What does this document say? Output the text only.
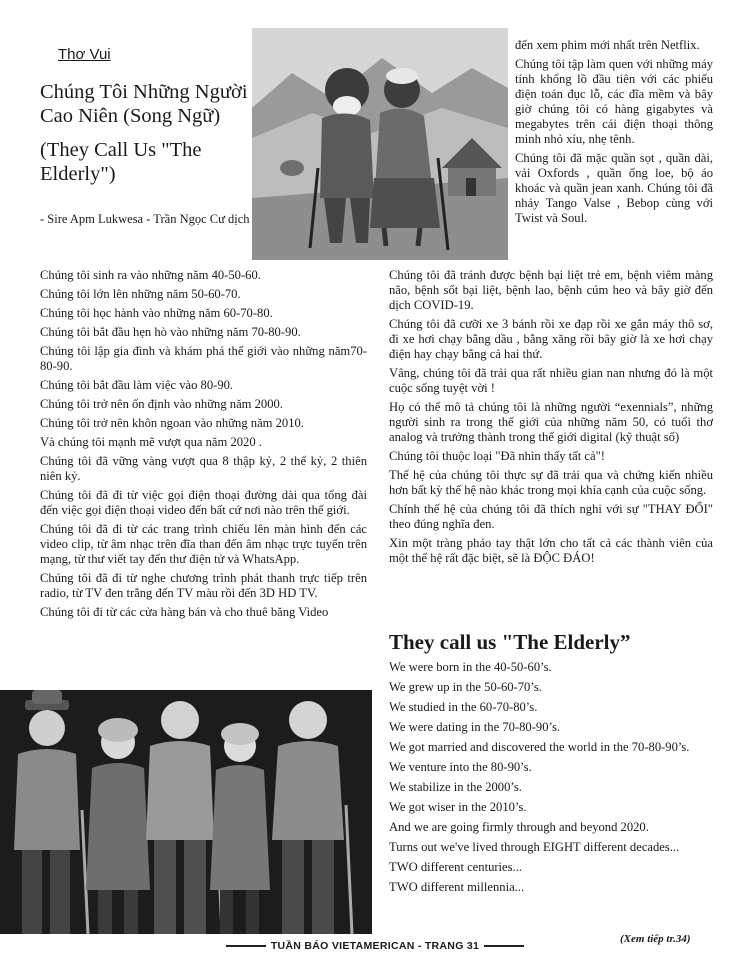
Thơ Vui

Chúng Tôi Những Người Cao Niên (Song Ngữ)

(They Call Us "The Elderly")

- Sire Apm Lukwesa - Trần Ngọc Cư dịch

đến xem phim mới nhất trên Netflix.

Chúng tôi tập làm quen với những máy tính khổng lồ đầu tiên với các phiếu điện toán đục lỗ, các đĩa mềm và bây giờ chúng tôi có hàng gigabytes và megabytes trên cái điện thoại thông minh nhỏ xíu, nhẹ tênh.

Chúng tôi đã mặc quần sọt , quần dài, vải Oxfords , quần ống loe, bộ áo khoác và quần jean xanh. Chúng tôi đã nhảy Tango Valse , Bebop cùng với Twist và Soul.

Chúng tôi sinh ra vào những năm 40-50-60.

Chúng tôi lớn lên những năm 50-60-70.

Chúng tôi học hành vào những năm 60-70-80.

Chúng tôi bắt đầu hẹn hò vào những năm 70-80-90.

Chúng tôi lập gia đình và khám phá thế giới vào những năm70-80-90.

Chúng tôi bắt đầu làm việc vào 80-90.

Chúng tôi trở nên ổn định vào những năm 2000.

Chúng tôi trở nên khôn ngoan vào những năm 2010.

Và chúng tôi mạnh mẽ vượt qua năm 2020 .

Chúng tôi đã vững vàng vượt qua 8 thập kỷ, 2 thế kỷ, 2 thiên niên kỷ.

Chúng tôi đã đi từ việc gọi điện thoại đường dài qua tổng đài đến việc gọi điện thoại video đến bất cứ nơi nào trên thế giới.

Chúng tôi đã đi từ các trang trình chiếu lên màn hình đến các video clip, từ âm nhạc trên đĩa than đến âm nhạc trực tuyến trên mạng, từ thư viết tay đến thư điện tử và WhatsApp.

Chúng tôi đã đi từ nghe chương trình phát thanh trực tiếp trên radio, từ TV đen trắng đến TV màu rồi đến 3D HD TV.

Chúng tôi đi từ các cửa hàng bán và cho thuê băng Video

Chúng tôi đã tránh được bệnh bại liệt trẻ em, bệnh viêm màng não, bệnh sốt bại liệt, bệnh lao, bệnh cúm heo và bây giờ đến dịch COVID-19.

Chúng tôi đã cưỡi xe 3 bánh rồi xe đạp rồi xe gắn máy thô sơ, đi xe hơi chạy bằng dầu , bằng xăng rồi bây giờ là xe hơi chạy điện hay chạy bằng cả hai thứ.

Vâng, chúng tôi đã trải qua rất nhiều gian nan nhưng đó là một cuộc sống tuyệt vời !

Họ có thể mô tả chúng tôi là những người “exennials”, những người sinh ra trong thế giới của những năm 50, có tuổi thơ analog và trưởng thành trong thế giới digital (kỹ thuật số)

Chúng tôi thuộc loại "Đã nhìn thấy tất cả"!

Thế hệ của chúng tôi thực sự đã trải qua và chứng kiến nhiều hơn bất kỳ thế hệ nào khác trong mọi khía cạnh của cuộc sống.

Chính thế hệ của chúng tôi đã thích nghi với sự "THAY ĐỔI" theo đúng nghĩa đen.

Xin một tràng pháo tay thật lớn cho tất cả các thành viên của một thế hệ rất đặc biệt, sẽ là ĐỘC ĐÁO!

They call us "The Elderly”

We were born in the 40-50-60’s.

We grew up in the 50-60-70’s.

We studied in the 60-70-80’s.

We were dating in the 70-80-90’s.

We got married and discovered the world in the 70-80-90’s.

We venture into the 80-90’s.

We stabilize in the 2000’s.

We got wiser in the 2010’s.

And we are going firmly through and beyond 2020.

Turns out we've lived through EIGHT different decades...

TWO different centuries...

TWO different millennia...

TUẦN BÁO VIETAMERICAN - TRANG 31
(Xem tiếp tr.34)
